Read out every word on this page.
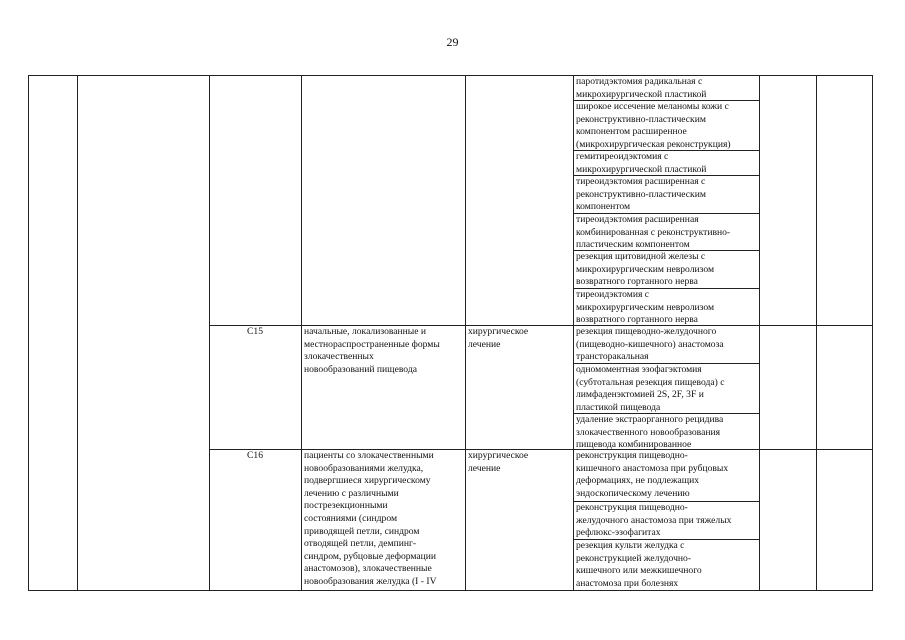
29
паротидэктомия радикальная с
микрохирургической пластикой
широкое иссечение меланомы кожи с
реконструктивно-пластическим
компонентом расширенное
(микрохирургическая реконструкция)
гемитиреоидэктомия с
микрохирургической пластикой
тиреоидэктомия расширенная с
реконструктивно-пластическим
компонентом
тиреоидэктомия расширенная
комбинированная с реконструктивно-
пластическим компонентом
резекция щитовидной железы с
микрохирургическим невролизом
возвратного гортанного нерва
тиреоидэктомия с
микрохирургическим невролизом
возвратного гортанного нерва
C15	начальные, локализованные и
местнораспространенные формы
злокачественных
новообразований пищевода
хирургическое
лечение
резекция пищеводно-желудочного
(пищеводно-кишечного) анастомоза
трансторакальная
одномоментная эзофагэктомия
(субтотальная резекция пищевода) с
лимфаденэктомией 2S, 2F, 3F и
пластикой пищевода
удаление экстраорганного рецидива
злокачественного новообразования
пищевода комбинированное
C16	пациенты со злокачественными
новообразованиями желудка,
подвергшиеся хирургическому
лечению с различными
пострезекционными
состояниями (синдром
приводящей петли, синдром
отводящей петли, демпинг-
синдром, рубцовые деформации
анастомозов), злокачественные
новообразования желудка (I - IV
хирургическое
лечение
реконструкция пищеводно-
кишечного анастомоза при рубцовых
деформациях, не подлежащих
эндоскопическому лечению
реконструкция пищеводно-
желудочного анастомоза при тяжелых
рефлюкс-эзофагитах
резекция культи желудка с
реконструкцией желудочно-
кишечного или межкишечного
анастомоза при болезнях
